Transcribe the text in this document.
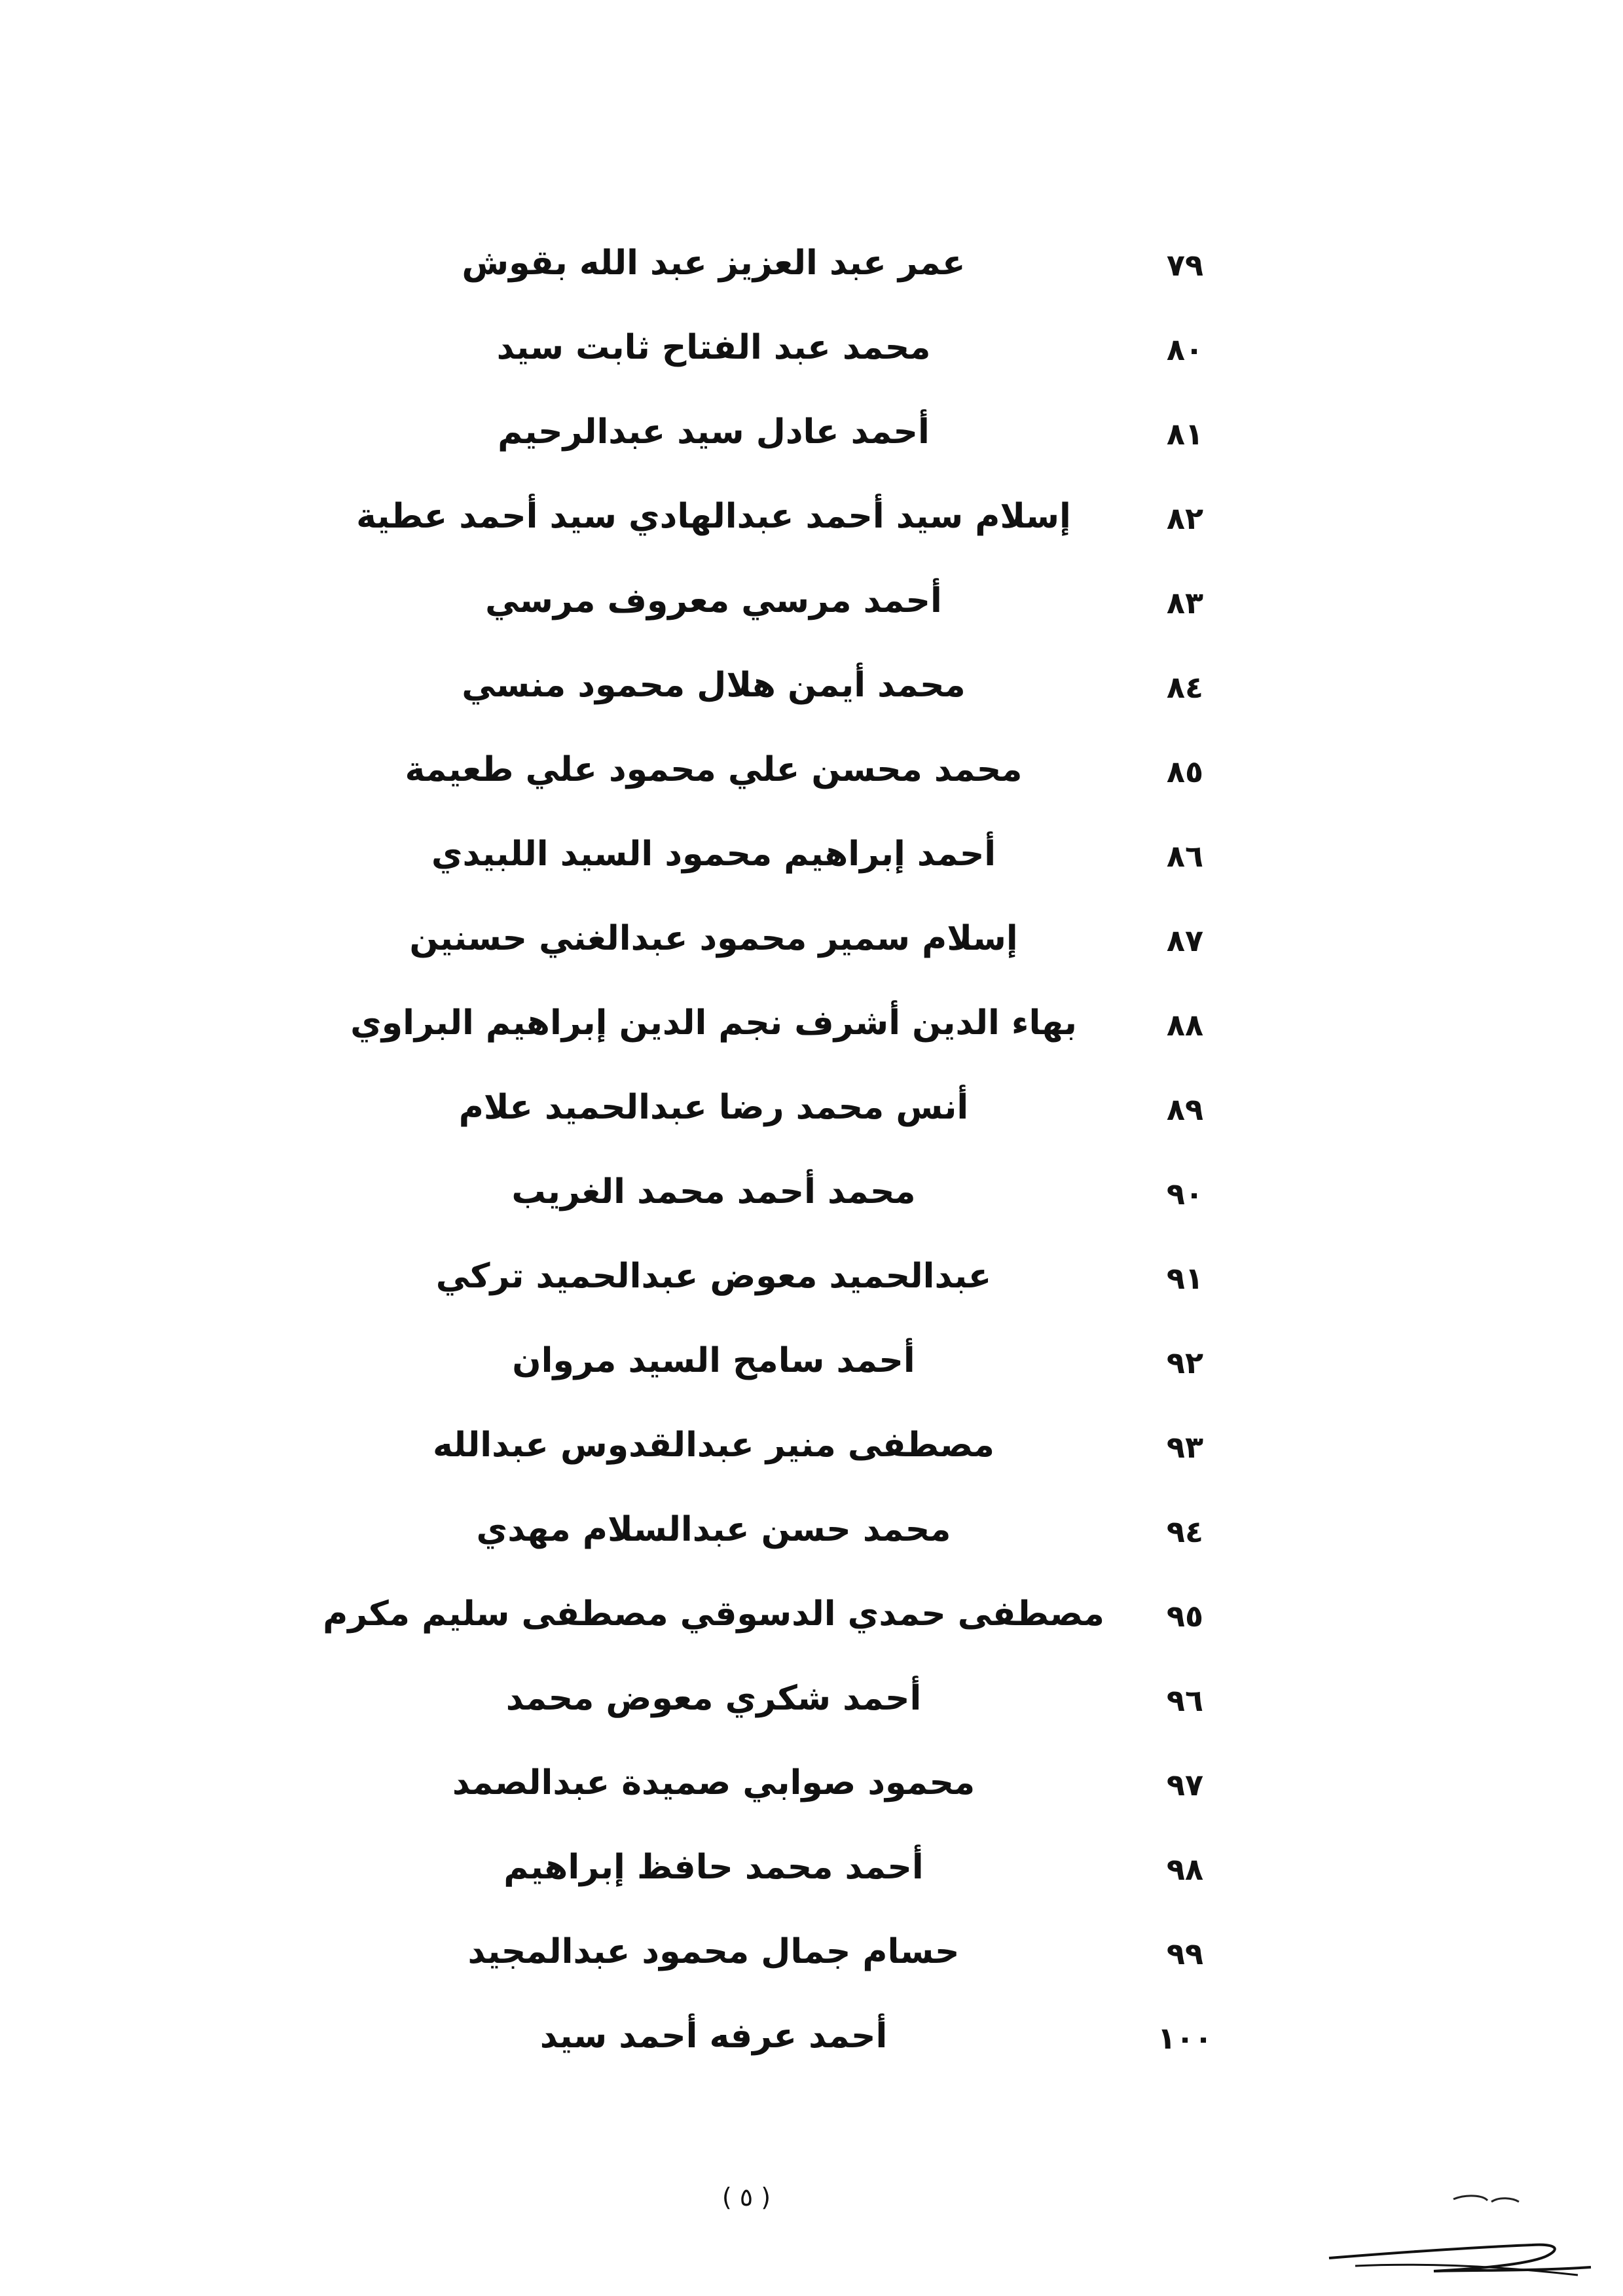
٧٩
عمر عبد العزيز عبد الله بقوش
٨٠
محمد عبد الفتاح ثابت سيد
٨١
أحمد عادل سيد عبدالرحيم
٨٢
إسلام سيد أحمد عبدالهادي سيد أحمد عطية
٨٣
أحمد مرسي معروف مرسي
٨٤
محمد أيمن هلال محمود منسي
٨٥
محمد محسن علي محمود علي طعيمة
٨٦
أحمد إبراهيم محمود السيد اللبيدي
٨٧
إسلام سمير محمود عبدالغني حسنين
٨٨
بهاء الدين أشرف نجم الدين إبراهيم البراوي
٨٩
أنس محمد رضا عبدالحميد علام
٩٠
محمد أحمد محمد الغريب
٩١
عبدالحميد معوض عبدالحميد تركي
٩٢
أحمد سامح السيد مروان
٩٣
مصطفى منير عبدالقدوس عبدالله
٩٤
محمد حسن عبدالسلام مهدي
٩٥
مصطفى حمدي الدسوقي مصطفى سليم مكرم
٩٦
أحمد شكري معوض محمد
٩٧
محمود صوابي صميدة عبدالصمد
٩٨
أحمد محمد حافظ إبراهيم
٩٩
حسام جمال محمود عبدالمجيد
١٠٠
أحمد عرفه أحمد سيد
( ٥ )
